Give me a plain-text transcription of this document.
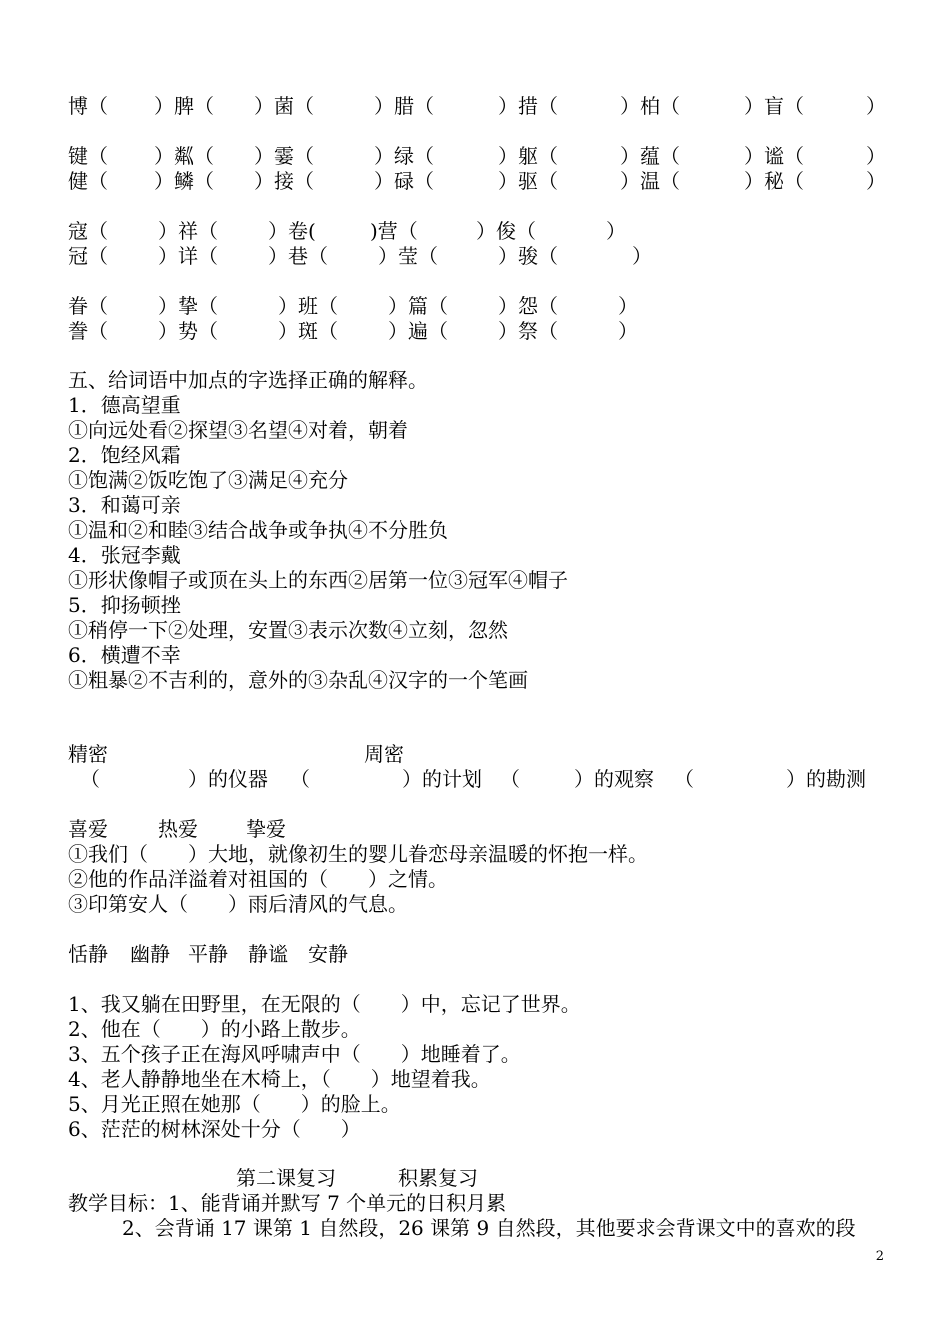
博（ ）脾（ ）菌（	）腊（	）措（	）柏（	）盲（	）
键（ ）粼（ ）霎（	）绿（	）躯（	）蕴（	）谧（	）
健（ ）鳞（ ）接（	）碌（	）驱（	）温（	）秘（	）
寇（	）祥（	）卷(	)营（	）俊（	）
冠（	）详（	）巷（	）莹（	）骏（	）
眷（	）挚（	）班（	）篇（	）怨（	）
誊（	）势（	）斑（	）遍（	）祭（	）
五、给词语中加点的字选择正确的解释。
1．德高望重
①向远处看②探望③名望④对着，朝着
2．饱经风霜
①饱满②饭吃饱了③满足④充分
3．和蔼可亲
①温和②和睦③结合战争或争执④不分胜负
4．张冠李戴
①形状像帽子或顶在头上的东西②居第一位③冠军④帽子
5．抑扬顿挫
①稍停一下②处理，安置③表示次数④立刻，忽然
6．横遭不幸
①粗暴②不吉利的，意外的③杂乱④汉字的一个笔画
精密	周密
（	）的仪器 （	）的计划 （	）的观察 （	）的勘测
喜爱	热爱 挚爱
①我们（　　）大地，就像初生的婴儿眷恋母亲温暖的怀抱一样。
②他的作品洋溢着对祖国的（　　）之情。
③印第安人（　　）雨后清风的气息。
恬静 幽静 平静 静谧 安静
1、我又躺在田野里，在无限的（　　）中，忘记了世界。
2、他在（　　）的小路上散步。
3、五个孩子正在海风呼啸声中（　　）地睡着了。
4、老人静静地坐在木椅上，（　　）地望着我。
5、月光正照在她那（　　）的脸上。
6、茫茫的树林深处十分（　　）
第二课复习	积累复习
教学目标：1、能背诵并默写 7 个单元的日积月累
2、会背诵 17 课第 1 自然段，26 课第 9 自然段，其他要求会背课文中的喜欢的段
2
